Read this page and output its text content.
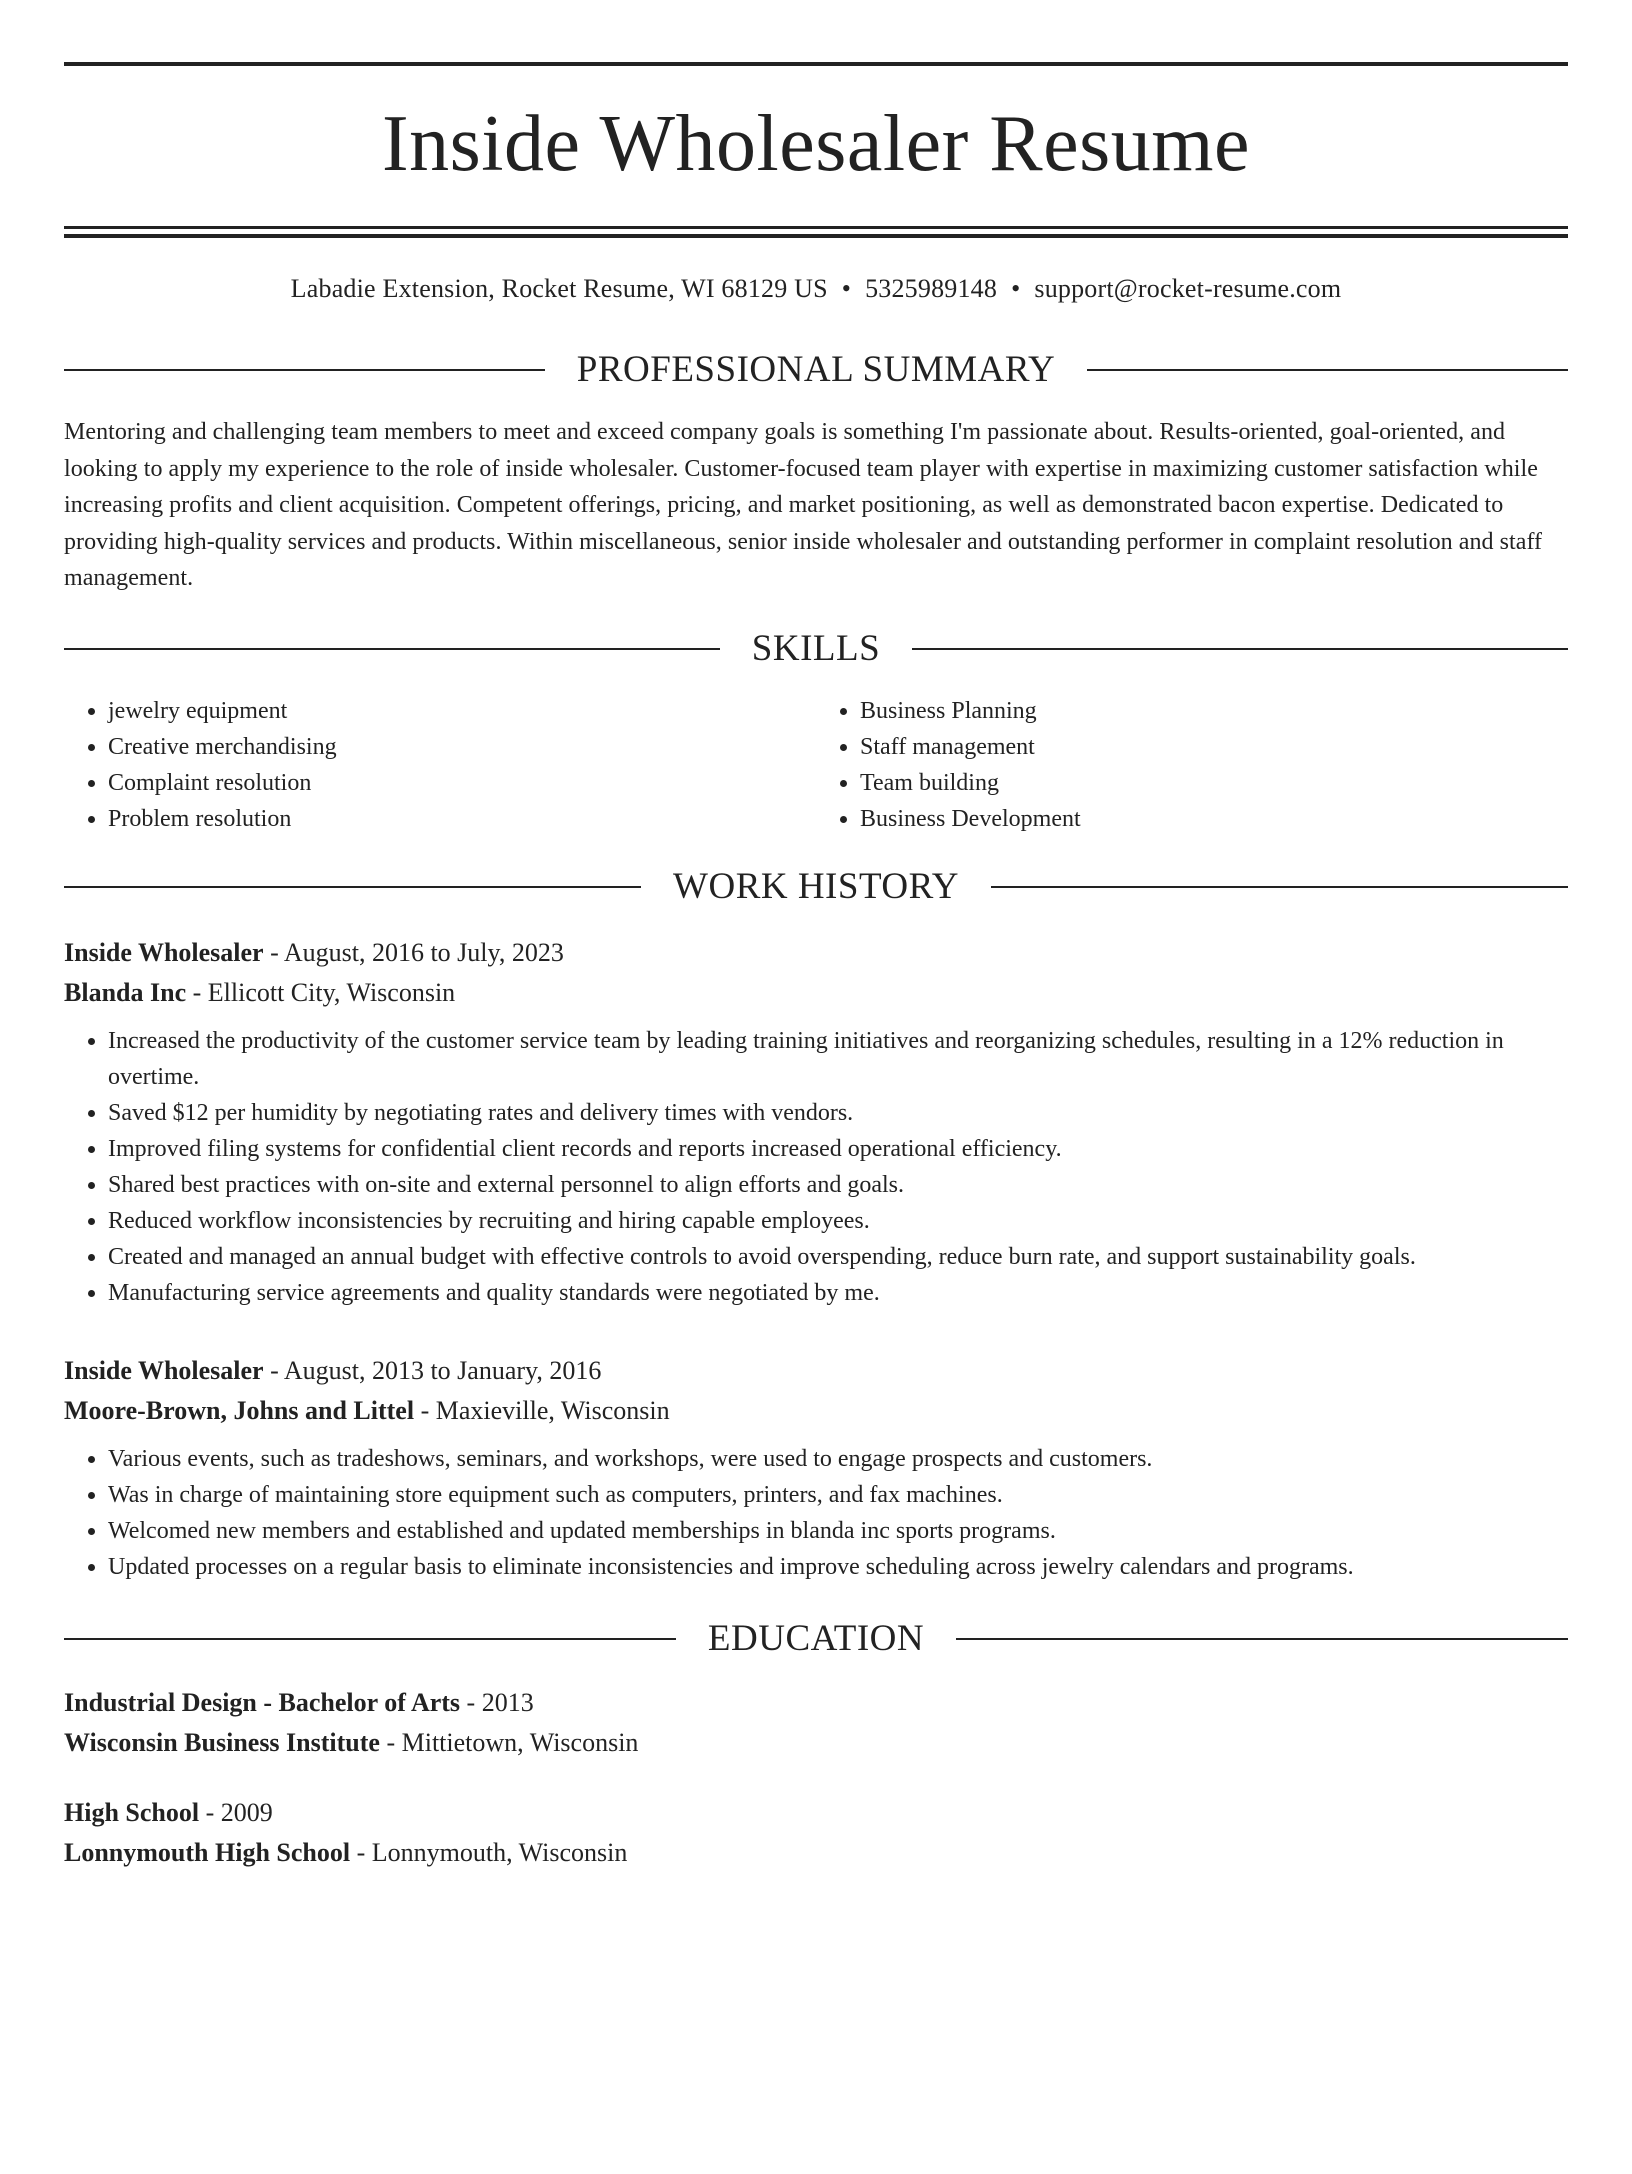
Inside Wholesaler Resume
Labadie Extension, Rocket Resume, WI 68129 US • 5325989148 • support@rocket-resume.com
PROFESSIONAL SUMMARY

Mentoring and challenging team members to meet and exceed company goals is something I'm passionate about. Results-oriented, goal-oriented, and looking to apply my experience to the role of inside wholesaler. Customer-focused team player with expertise in maximizing customer satisfaction while increasing profits and client acquisition. Competent offerings, pricing, and market positioning, as well as demonstrated bacon expertise. Dedicated to providing high-quality services and products. Within miscellaneous, senior inside wholesaler and outstanding performer in complaint resolution and staff management.

SKILLS
• jewelry equipment
• Creative merchandising
• Complaint resolution
• Problem resolution
• Business Planning
• Staff management
• Team building
• Business Development
WORK HISTORY
Inside Wholesaler - August, 2016 to July, 2023
Blanda Inc - Ellicott City, Wisconsin
• Increased the productivity of the customer service team by leading training initiatives and reorganizing schedules, resulting in a 12% reduction in overtime.
• Saved $12 per humidity by negotiating rates and delivery times with vendors.
• Improved filing systems for confidential client records and reports increased operational efficiency.
• Shared best practices with on-site and external personnel to align efforts and goals.
• Reduced workflow inconsistencies by recruiting and hiring capable employees.
• Created and managed an annual budget with effective controls to avoid overspending, reduce burn rate, and support sustainability goals.
• Manufacturing service agreements and quality standards were negotiated by me.
Inside Wholesaler - August, 2013 to January, 2016
Moore-Brown, Johns and Littel - Maxieville, Wisconsin
• Various events, such as tradeshows, seminars, and workshops, were used to engage prospects and customers.
• Was in charge of maintaining store equipment such as computers, printers, and fax machines.
• Welcomed new members and established and updated memberships in blanda inc sports programs.
• Updated processes on a regular basis to eliminate inconsistencies and improve scheduling across jewelry calendars and programs.
EDUCATION
Industrial Design - Bachelor of Arts - 2013
Wisconsin Business Institute - Mittietown, Wisconsin
High School - 2009
Lonnymouth High School - Lonnymouth, Wisconsin
